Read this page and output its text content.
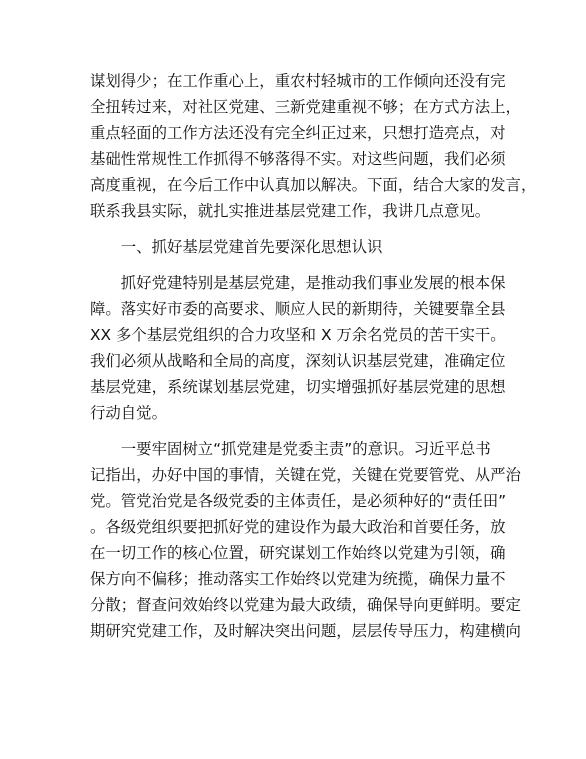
谋划得少；在工作重心上，重农村轻城市的工作倾向还没有完
全扭转过来，对社区党建、三新党建重视不够；在方式方法上，
重点轻面的工作方法还没有完全纠正过来，只想打造亮点，对
基础性常规性工作抓得不够落得不实。对这些问题，我们必须
高度重视，在今后工作中认真加以解决。下面，结合大家的发言，
联系我县实际，就扎实推进基层党建工作，我讲几点意见。
　　一、抓好基层党建首先要深化思想认识
　　抓好党建特别是基层党建，是推动我们事业发展的根本保
障。落实好市委的高要求、顺应人民的新期待，关键要靠全县
XX 多个基层党组织的合力攻坚和 X 万余名党员的苦干实干。
我们必须从战略和全局的高度，深刻认识基层党建，准确定位
基层党建，系统谋划基层党建，切实增强抓好基层党建的思想
行动自觉。
　　一要牢固树立“抓党建是党委主责”的意识。习近平总书
记指出，办好中国的事情，关键在党，关键在党要管党、从严治
党。管党治党是各级党委的主体责任，是必须种好的“责任田”
。各级党组织要把抓好党的建设作为最大政治和首要任务，放
在一切工作的核心位置，研究谋划工作始终以党建为引领，确
保方向不偏移；推动落实工作始终以党建为统揽，确保力量不
分散；督查问效始终以党建为最大政绩，确保导向更鲜明。要定
期研究党建工作，及时解决突出问题，层层传导压力，构建横向
